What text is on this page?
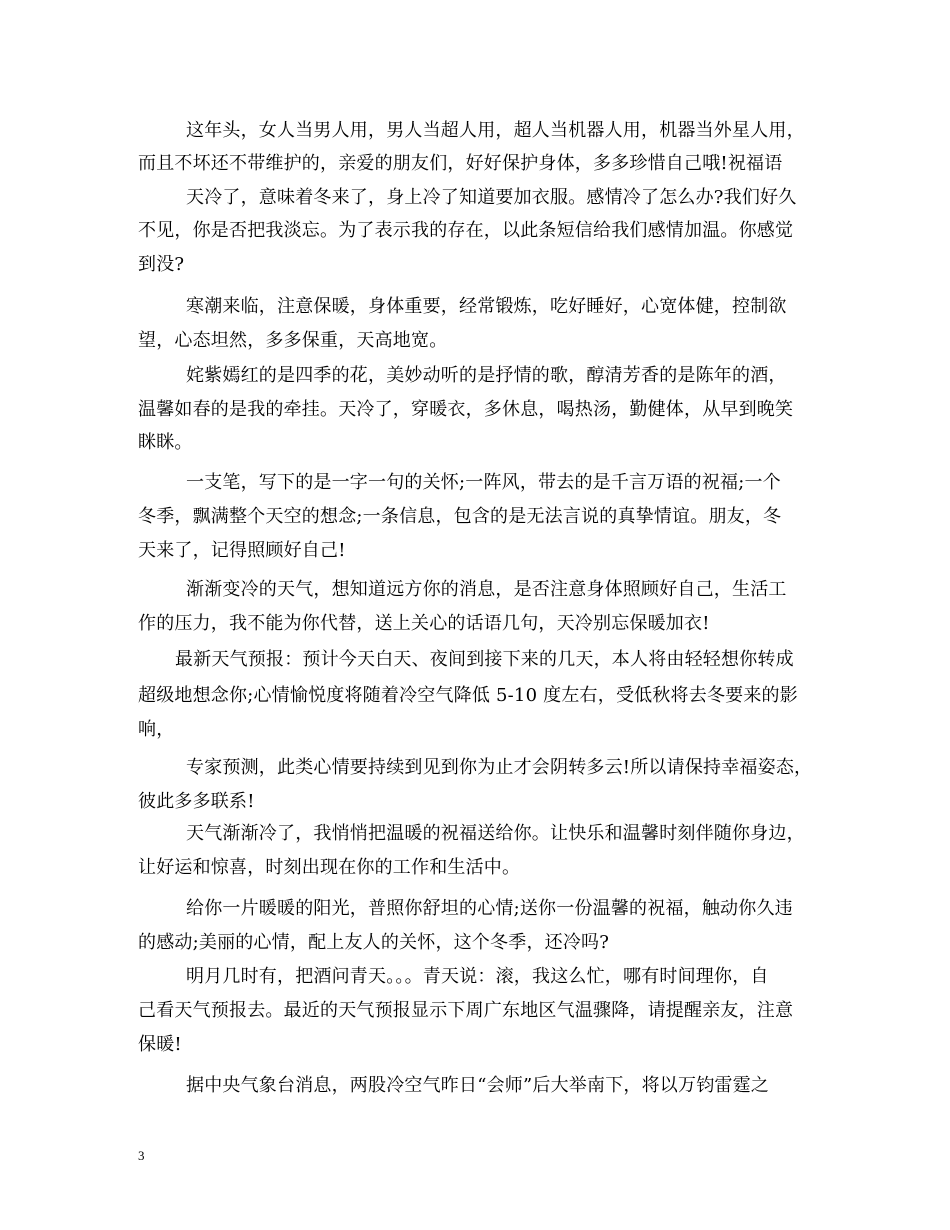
这年头，女人当男人用，男人当超人用，超人当机器人用，机器当外星人用，
而且不坏还不带维护的，亲爱的朋友们，好好保护身体，多多珍惜自己哦!祝福语
天冷了，意味着冬来了，身上冷了知道要加衣服。感情冷了怎么办?我们好久
不见，你是否把我淡忘。为了表示我的存在，以此条短信给我们感情加温。你感觉
到没?
寒潮来临，注意保暖，身体重要，经常锻炼，吃好睡好，心宽体健，控制欲
望，心态坦然，多多保重，天高地宽。
姹紫嫣红的是四季的花，美妙动听的是抒情的歌，醇清芳香的是陈年的酒，
温馨如春的是我的牵挂。天冷了，穿暖衣，多休息，喝热汤，勤健体，从早到晚笑
眯眯。
一支笔，写下的是一字一句的关怀;一阵风，带去的是千言万语的祝福;一个
冬季，飘满整个天空的想念;一条信息，包含的是无法言说的真挚情谊。朋友，冬
天来了，记得照顾好自己!
渐渐变冷的天气，想知道远方你的消息，是否注意身体照顾好自己，生活工
作的压力，我不能为你代替，送上关心的话语几句，天冷别忘保暖加衣!
最新天气预报：预计今天白天、夜间到接下来的几天，本人将由轻轻想你转成
超级地想念你;心情愉悦度将随着冷空气降低 5-10 度左右，受低秋将去冬要来的影
响，
专家预测，此类心情要持续到见到你为止才会阴转多云!所以请保持幸福姿态，
彼此多多联系!
天气渐渐冷了，我悄悄把温暖的祝福送给你。让快乐和温馨时刻伴随你身边，
让好运和惊喜，时刻出现在你的工作和生活中。
给你一片暖暖的阳光，普照你舒坦的心情;送你一份温馨的祝福，触动你久违
的感动;美丽的心情，配上友人的关怀，这个冬季，还冷吗?
明月几时有，把酒问青天。。。青天说：滚，我这么忙，哪有时间理你，自
己看天气预报去。最近的天气预报显示下周广东地区气温骤降，请提醒亲友，注意
保暖!
据中央气象台消息，两股冷空气昨日“会师”后大举南下，将以万钧雷霆之
3
